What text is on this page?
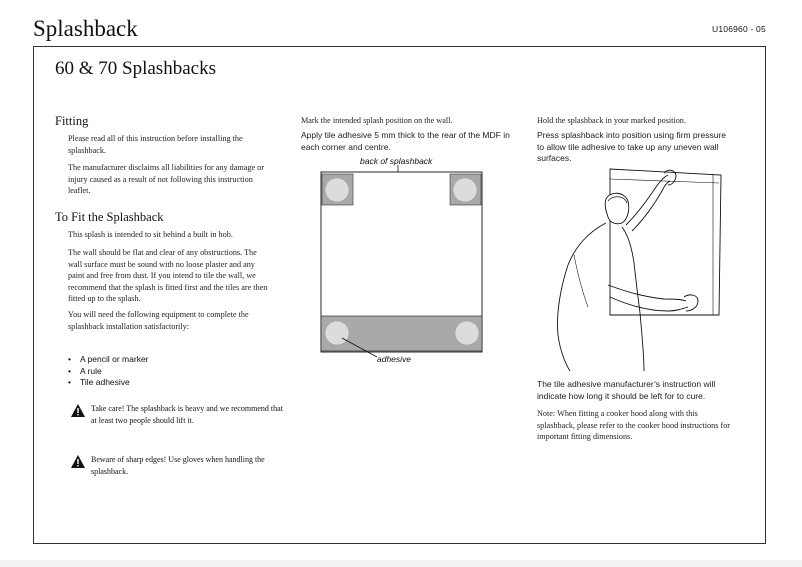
Splashback	U106960 - 05
60 & 70 Splashbacks
Fitting
Please read all of this instruction before installing the splashback.
The manufacturer disclaims all liabilities for any damage or injury caused as a result of not following this instruction leaflet.
To Fit the Splashback
This splash is intended to sit behind a built in hob.
The wall should be flat and clear of any obstructions. The wall surface must be sound with no loose plaster and any paint and free from dust. If you intend to tile the wall, we recommend that the splash is fitted first and the tiles are then fitted up to the splash.
You will need the following equipment to complete the splashback installation satisfactorily:
• A pencil or marker
• A rule
• Tile adhesive
Take care! The splashback is heavy and we recommend that at least two people should lift it.
Beware of sharp edges! Use gloves when handling the splashback.
Mark the intended splash position on the wall.
Apply tile adhesive 5 mm thick to the rear of the MDF in each corner and centre.
back of splashback
adhesive
Hold the splashback in your marked position.
Press splashback into position using firm pressure to allow tile adhesive to take up any uneven wall surfaces.
The tile adhesive manufacturer’s instruction will indicate how long it should be left for to cure.
Note: When fitting a cooker hood along with this splashback, please refer to the cooker hood instructions for important fitting dimensions.
